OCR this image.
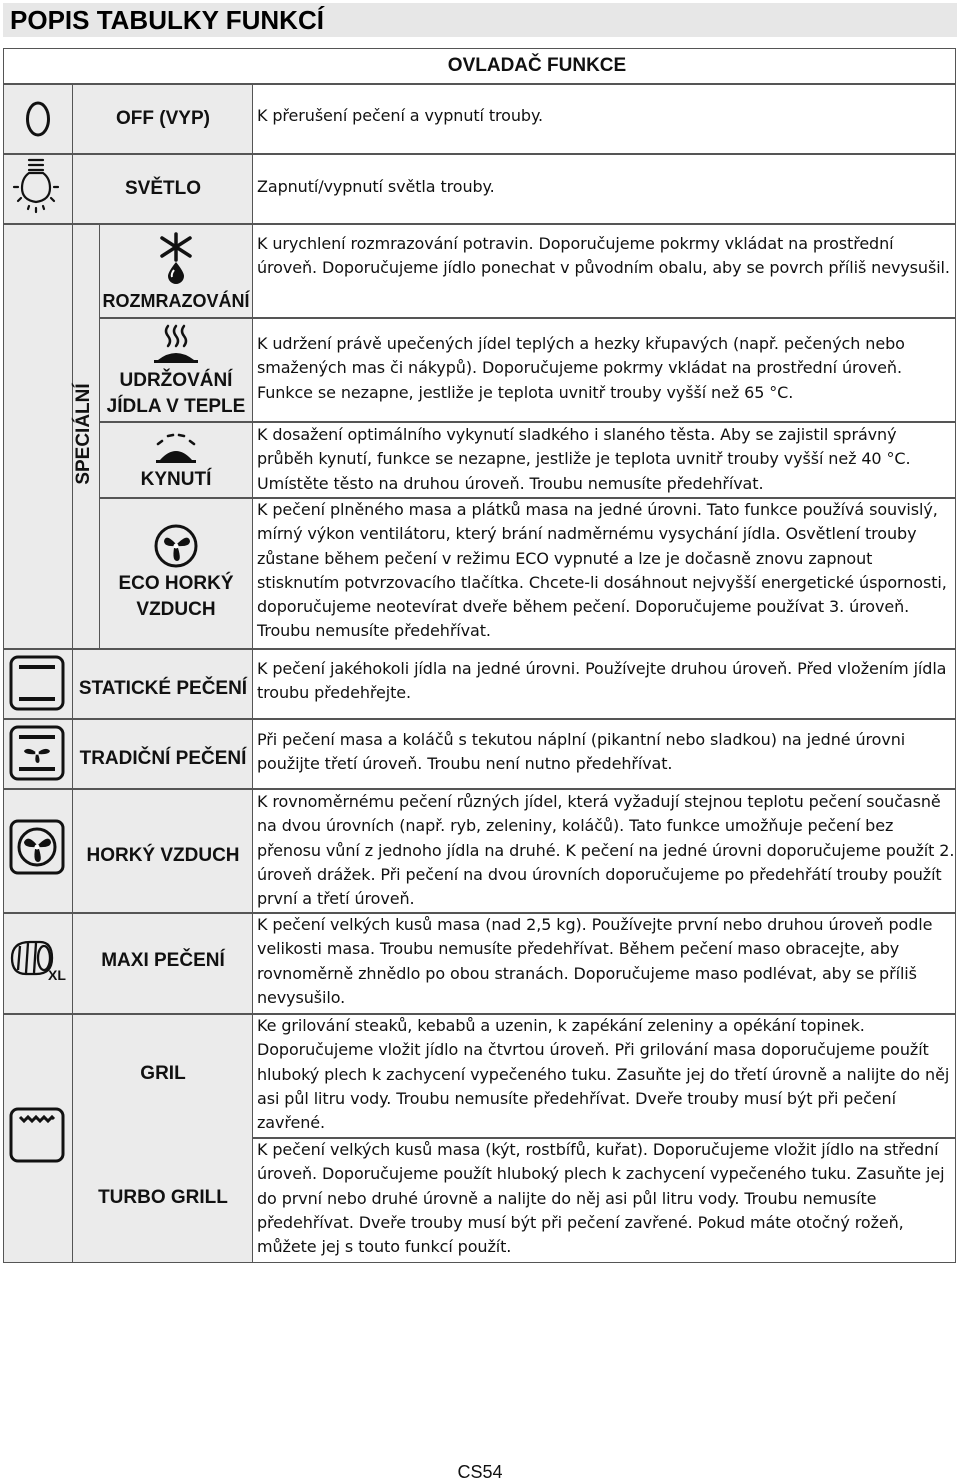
POPIS TABULKY FUNKCÍ
OVLADAČ FUNKCE
SPECIÁLNÍ
OFF (VYP)
SVĚTLO
ROZMRAZOVÁNÍ
UDRŽOVÁNÍ JÍDLA V TEPLE
KYNUTÍ
ECO HORKÝ VZDUCH
STATICKÉ PEČENÍ
TRADIČNÍ PEČENÍ
HORKÝ VZDUCH
MAXI PEČENÍ
GRIL
TURBO GRILL
K přerušení pečení a vypnutí trouby.
Zapnutí/vypnutí světla trouby.
K urychlení rozmrazování potravin. Doporučujeme pokrmy vkládat na prostřední úroveň. Doporučujeme jídlo ponechat v původním obalu, aby se povrch příliš nevysušil.
K udržení právě upečených jídel teplých a hezky křupavých (např. pečených nebo smažených mas či nákypů). Doporučujeme pokrmy vkládat na prostřední úroveň. Funkce se nezapne, jestliže je teplota uvnitř trouby vyšší než 65 °C.
K dosažení optimálního vykynutí sladkého i slaného těsta. Aby se zajistil správný průběh kynutí, funkce se nezapne, jestliže je teplota uvnitř trouby vyšší než 40 °C. Umístěte těsto na druhou úroveň. Troubu nemusíte předehřívat.
K pečení plněného masa a plátků masa na jedné úrovni. Tato funkce používá souvislý, mírný výkon ventilátoru, který brání nadměrnému vysychání jídla. Osvětlení trouby zůstane během pečení v režimu ECO vypnuté a lze je dočasně znovu zapnout stisknutím potvrzovacího tlačítka. Chcete-li dosáhnout nejvyšší energetické úspornosti, doporučujeme neotevírat dveře během pečení. Doporučujeme používat 3. úroveň. Troubu nemusíte předehřívat.
K pečení jakéhokoli jídla na jedné úrovni. Používejte druhou úroveň. Před vložením jídla troubu předehřejte.
Při pečení masa a koláčů s tekutou náplní (pikantní nebo sladkou) na jedné úrovni použijte třetí úroveň. Troubu není nutno předehřívat.
K rovnoměrnému pečení různých jídel, která vyžadují stejnou teplotu pečení současně na dvou úrovních (např. ryb, zeleniny, koláčů). Tato funkce umožňuje pečení bez přenosu vůní z jednoho jídla na druhé. K pečení na jedné úrovni doporučujeme použít 2. úroveň drážek. Při pečení na dvou úrovních doporučujeme po předehřátí trouby použít první a třetí úroveň.
K pečení velkých kusů masa (nad 2,5 kg). Používejte první nebo druhou úroveň podle velikosti masa. Troubu nemusíte předehřívat. Během pečení maso obracejte, aby rovnoměrně zhnědlo po obou stranách. Doporučujeme maso podlévat, aby se příliš nevysušilo.
Ke grilování steaků, kebabů a uzenin, k zapékání zeleniny a opékání topinek. Doporučujeme vložit jídlo na čtvrtou úroveň. Při grilování masa doporučujeme použít hluboký plech k zachycení vypečeného tuku. Zasuňte jej do třetí úrovně a nalijte do něj asi půl litru vody. Troubu nemusíte předehřívat. Dveře trouby musí být při pečení zavřené.
K pečení velkých kusů masa (kýt, rostbífů, kuřat). Doporučujeme vložit jídlo na střední úroveň. Doporučujeme použít hluboký plech k zachycení vypečeného tuku. Zasuňte jej do první nebo druhé úrovně a nalijte do něj asi půl litru vody. Troubu nemusíte předehřívat. Dveře trouby musí být při pečení zavřené. Pokud máte otočný rožeň, můžete jej s touto funkcí použít.
XL
CS54
